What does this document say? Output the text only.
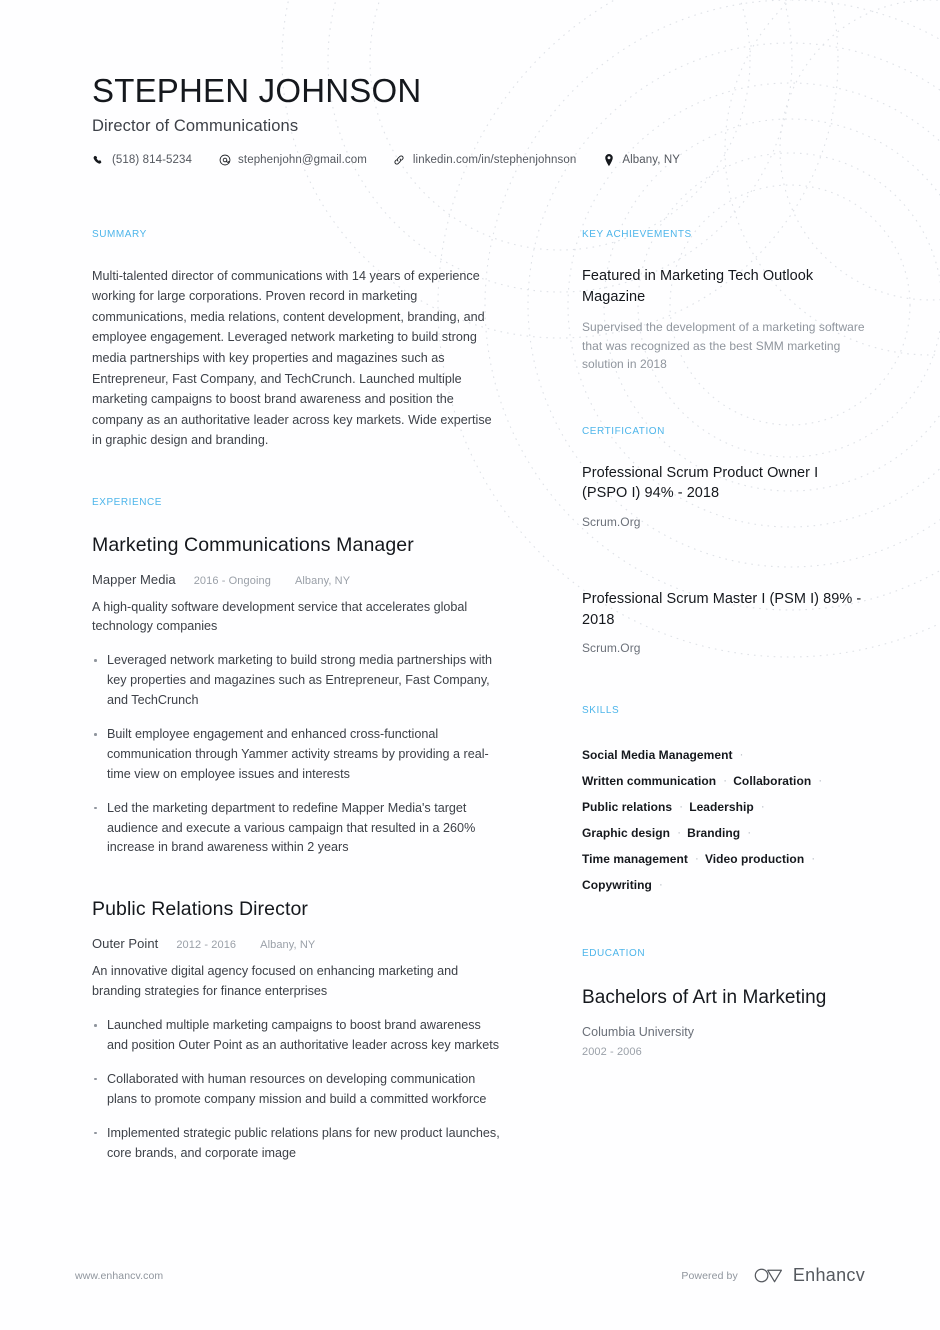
STEPHEN JOHNSON
Director of Communications
(518) 814-5234	stephenjohn@gmail.com	linkedin.com/in/stephenjohnson	Albany, NY
SUMMARY
Multi-talented director of communications with 14 years of experience working for large corporations. Proven record in marketing communications, media relations, content development, branding, and employee engagement. Leveraged network marketing to build strong media partnerships with key properties and magazines such as Entrepreneur, Fast Company, and TechCrunch. Launched multiple marketing campaigns to boost brand awareness and position the company as an authoritative leader across key markets. Wide expertise in graphic design and branding.
EXPERIENCE
Marketing Communications Manager
Mapper Media 2016 - Ongoing Albany, NY
A high-quality software development service that accelerates global technology companies
Leveraged network marketing to build strong media partnerships with key properties and magazines such as Entrepreneur, Fast Company, and TechCrunch
Built employee engagement and enhanced cross-functional communication through Yammer activity streams by providing a real-time view on employee issues and interests
Led the marketing department to redefine Mapper Media's target audience and execute a various campaign that resulted in a 260% increase in brand awareness within 2 years
Public Relations Director
Outer Point 2012 - 2016 Albany, NY
An innovative digital agency focused on enhancing marketing and branding strategies for finance enterprises
Launched multiple marketing campaigns to boost brand awareness and position Outer Point as an authoritative leader across key markets
Collaborated with human resources on developing communication plans to promote company mission and build a committed workforce
Implemented strategic public relations plans for new product launches, core brands, and corporate image
KEY ACHIEVEMENTS
Featured in Marketing Tech Outlook Magazine
Supervised the development of a marketing software that was recognized as the best SMM marketing solution in 2018
CERTIFICATION
Professional Scrum Product Owner I (PSPO I) 94% - 2018
Scrum.Org
Professional Scrum Master I (PSM I) 89% - 2018
Scrum.Org
SKILLS
Social Media Management ·
Written communication · Collaboration ·
Public relations · Leadership ·
Graphic design · Branding ·
Time management · Video production ·
Copywriting ·
EDUCATION
Bachelors of Art in Marketing
Columbia University
2002 - 2006
www.enhancv.com	Powered by	Enhancv
